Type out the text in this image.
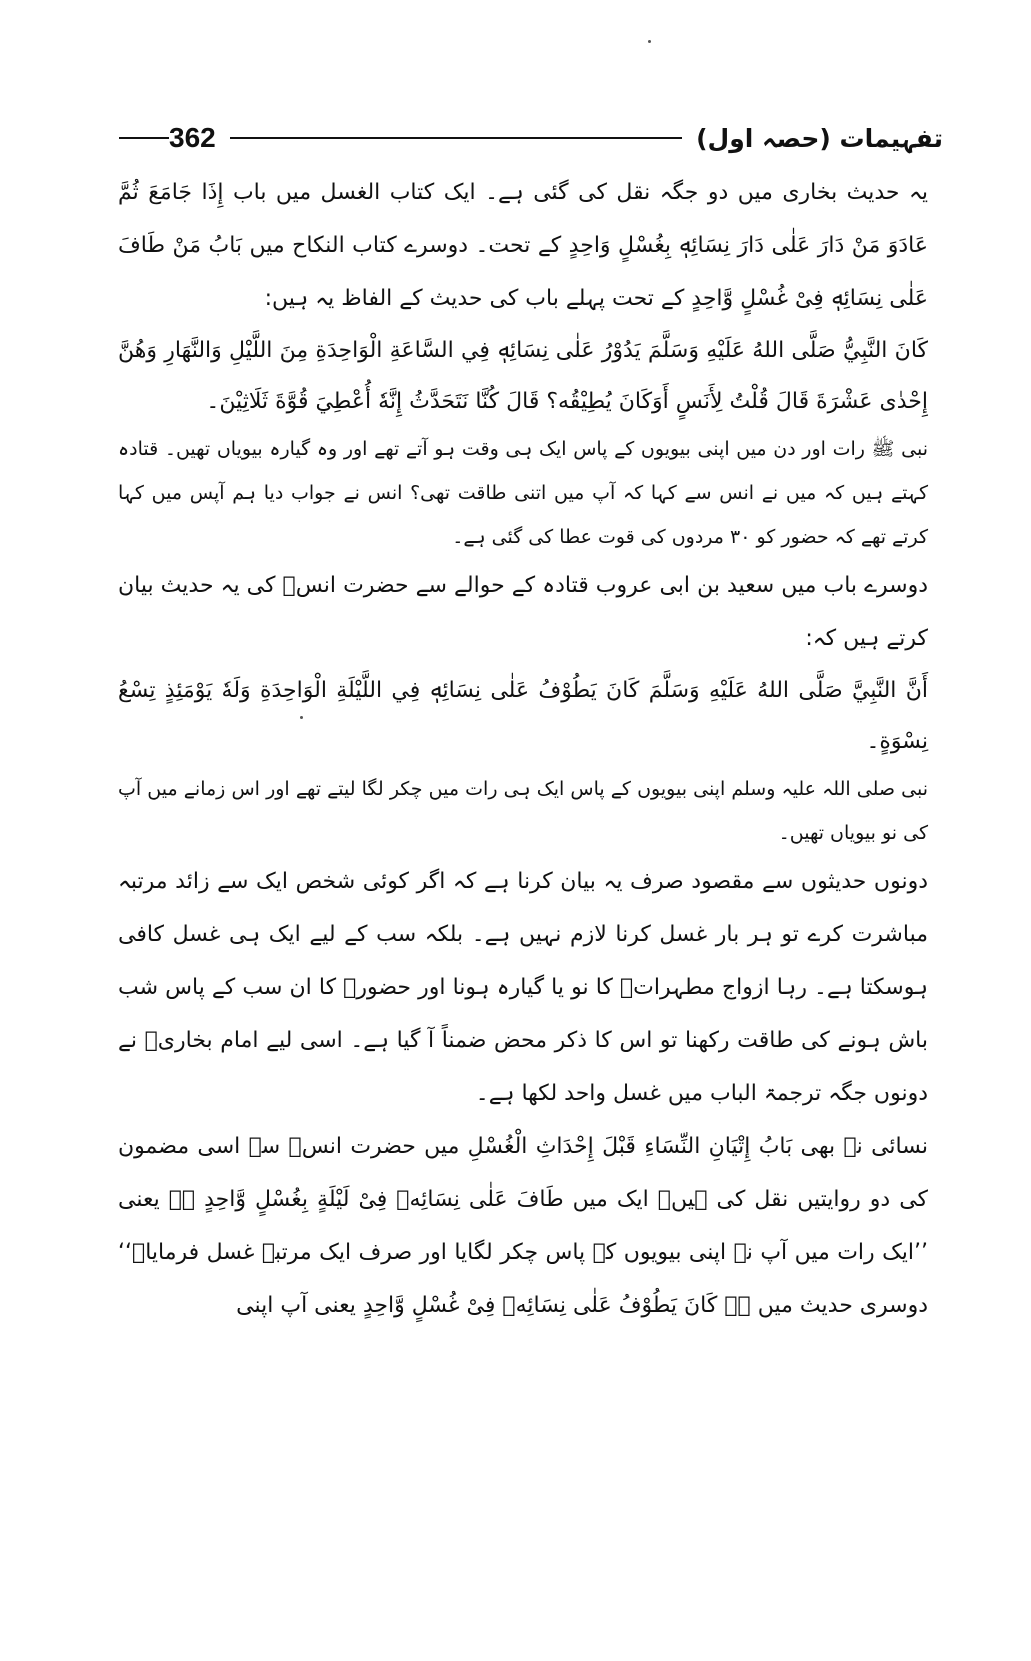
تفہیمات (حصہ اول)
362

یہ حدیث بخاری میں دو جگہ نقل کی گئی ہے۔ ایک کتاب الغسل میں باب إِذَا جَامَعَ ثُمَّ عَادَوَ مَنْ دَارَ عَلٰی دَارَ نِسَائِهٖ بِغُسْلٍ وَاحِدٍ کے تحت۔ دوسرے کتاب النکاح میں بَابُ مَنْ طَافَ عَلٰی نِسَائِهٖ فِیْ غُسْلٍ وَّاحِدٍ کے تحت پہلے باب کی حدیث کے الفاظ یہ ہیں:

كَانَ النَّبِيُّ صَلَّى اللهُ عَلَيْهِ وَسَلَّمَ يَدُوْرُ عَلٰى نِسَائِهٖ فِي السَّاعَةِ الْوَاحِدَةِ مِنَ اللَّيْلِ وَالنَّهَارِ وَهُنَّ إِحْدٰى عَشْرَةَ قَالَ قُلْتُ لِأَنَسٍ أَوَكَانَ يُطِيْقُه؟ قَالَ كُنَّا نَتَحَدَّثُ إِنَّهٗ أُعْطِيَ قُوَّةَ ثَلَاثِيْنَ۔

نبی ﷺ رات اور دن میں اپنی بیویوں کے پاس ایک ہی وقت ہو آتے تھے اور وہ گیارہ بیویاں تھیں۔ قتادہ کہتے ہیں کہ میں نے انس سے کہا کہ آپ میں اتنی طاقت تھی؟ انس نے جواب دیا ہم آپس میں کہا کرتے تھے کہ حضور کو ۳۰ مردوں کی قوت عطا کی گئی ہے۔

دوسرے باب میں سعید بن ابی عروب قتادہ کے حوالے سے حضرت انسؓ کی یہ حدیث بیان کرتے ہیں کہ:

أَنَّ النَّبِيَّ صَلَّى اللهُ عَلَيْهِ وَسَلَّمَ كَانَ يَطُوْفُ عَلٰى نِسَائِهٖ فِي اللَّيْلَةِ الْوَاحِدَةِ وَلَهٗ يَوْمَئِذٍ تِسْعُ نِسْوَةٍ۔

نبی صلی اللہ علیہ وسلم اپنی بیویوں کے پاس ایک ہی رات میں چکر لگا لیتے تھے اور اس زمانے میں آپ کی نو بیویاں تھیں۔

دونوں حدیثوں سے مقصود صرف یہ بیان کرنا ہے کہ اگر کوئی شخص ایک سے زائد مرتبہ مباشرت کرے تو ہر بار غسل کرنا لازم نہیں ہے۔ بلکہ سب کے لیے ایک ہی غسل کافی ہوسکتا ہے۔ رہا ازواج مطہراتؓ کا نو یا گیارہ ہونا اور حضورؐ کا ان سب کے پاس شب باش ہونے کی طاقت رکھنا تو اس کا ذکر محض ضمناً آ گیا ہے۔ اسی لیے امام بخاریؒ نے دونوں جگہ ترجمۃ الباب میں غسل واحد لکھا ہے۔

نسائی نے بھی بَابُ إِتْيَانِ النِّسَاءِ قَبْلَ إِحْدَاثِ الْغُسْلِ میں حضرت انسؓ سے اسی مضمون کی دو روایتیں نقل کی ہیں۔ ایک میں طَافَ عَلٰی نِسَائِهٖ فِیْ لَيْلَةٍ بِغُسْلٍ وَّاحِدٍ ہے یعنی ’’ایک رات میں آپ نے اپنی بیویوں کے پاس چکر لگایا اور صرف ایک مرتبہ غسل فرمایا۔‘‘ دوسری حدیث میں ہے كَانَ يَطُوْفُ عَلٰی نِسَائِهٖ فِیْ غُسْلٍ وَّاحِدٍ یعنی آپ اپنی
